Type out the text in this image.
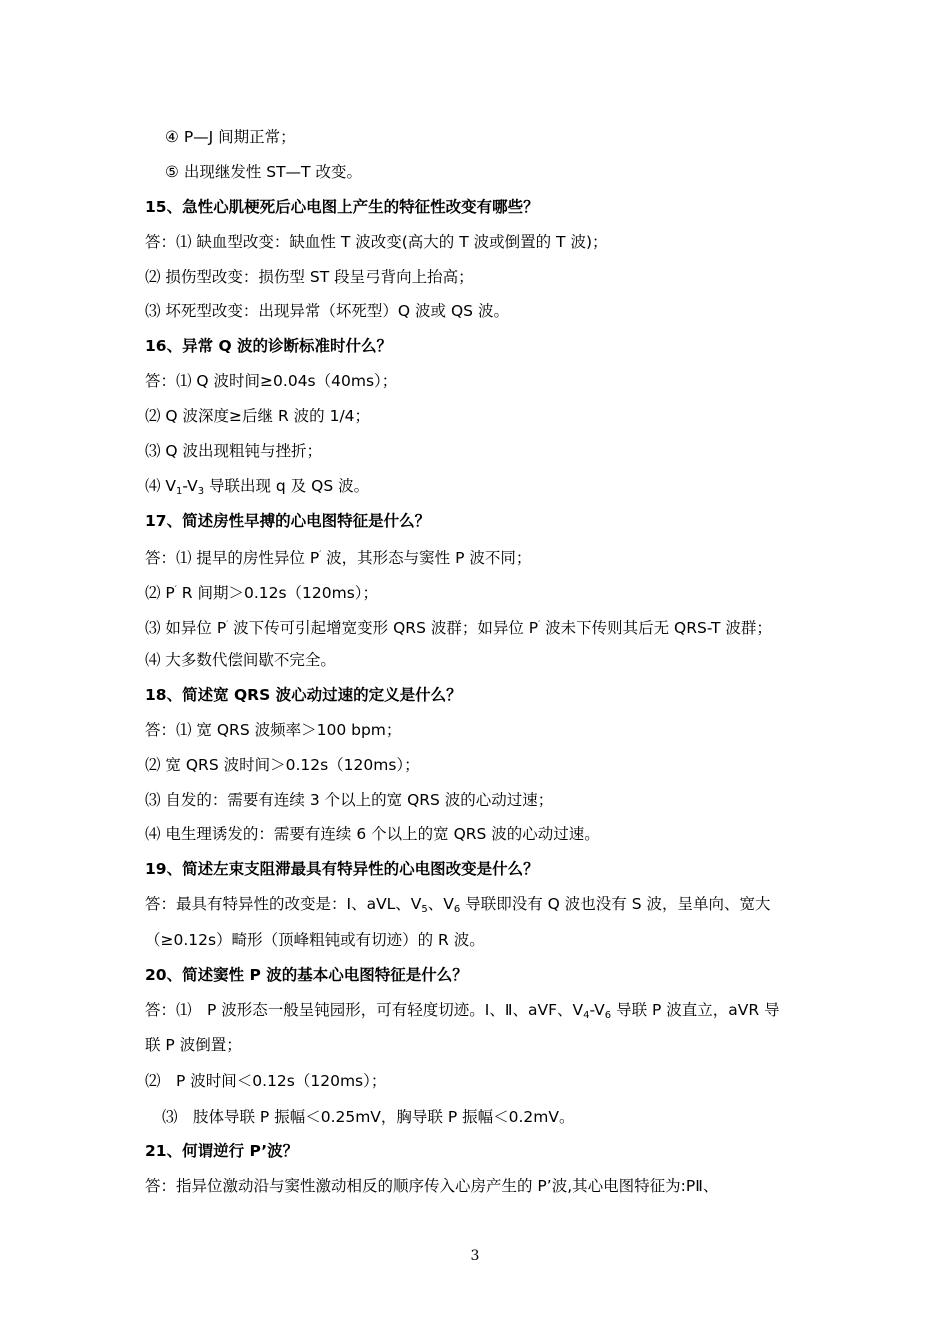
④ P—J 间期正常；
⑤ 出现继发性 ST—T 改变。
15、急性心肌梗死后心电图上产生的特征性改变有哪些？
答：⑴ 缺血型改变：缺血性 T 波改变(高大的 T 波或倒置的 T 波)；
⑵ 损伤型改变：损伤型 ST 段呈弓背向上抬高；
⑶ 坏死型改变：出现异常（坏死型）Q 波或 QS 波。
16、异常 Q 波的诊断标准时什么？
答：⑴ Q 波时间≥0.04s（40ms）；
⑵ Q 波深度≥后继 R 波的 1/4；
⑶ Q 波出现粗钝与挫折；
⑷ $V_1-V_3$ 导联出现 q 及 QS 波。
17、简述房性早搏的心电图特征是什么？
答：⑴ 提早的房性异位 P′ 波，其形态与窦性 P 波不同；
⑵ P′ R 间期＞0.12s（120ms）；
⑶ 如异位 P′ 波下传可引起增宽变形 QRS 波群；如异位 P′ 波未下传则其后无 QRS-T 波群；
⑷ 大多数代偿间歇不完全。
18、简述宽 QRS 波心动过速的定义是什么？
答：⑴ 宽 QRS 波频率＞100 bpm；
⑵ 宽 QRS 波时间＞0.12s（120ms）；
⑶ 自发的：需要有连续 3 个以上的宽 QRS 波的心动过速；
⑷ 电生理诱发的：需要有连续 6 个以上的宽 QRS 波的心动过速。
19、简述左束支阻滞最具有特异性的心电图改变是什么？
答：最具有特异性的改变是：Ⅰ、aVL、$V_5$、$V_6$ 导联即没有 Q 波也没有 S 波，呈单向、宽大
（≥0.12s）畸形（顶峰粗钝或有切迹）的 R 波。
20、简述窦性 P 波的基本心电图特征是什么？
答：⑴　P 波形态一般呈钝园形，可有轻度切迹。Ⅰ、Ⅱ、aVF、$V_4-V_6$ 导联 P 波直立，aVR 导
联 P 波倒置；
⑵　P 波时间＜0.12s（120ms）；
⑶　肢体导联 P 振幅＜0.25mV，胸导联 P 振幅＜0.2mV。
21、何谓逆行 P’波？
答：指异位激动沿与窦性激动相反的顺序传入心房产生的 P’波,其心电图特征为:PⅡ、
3
